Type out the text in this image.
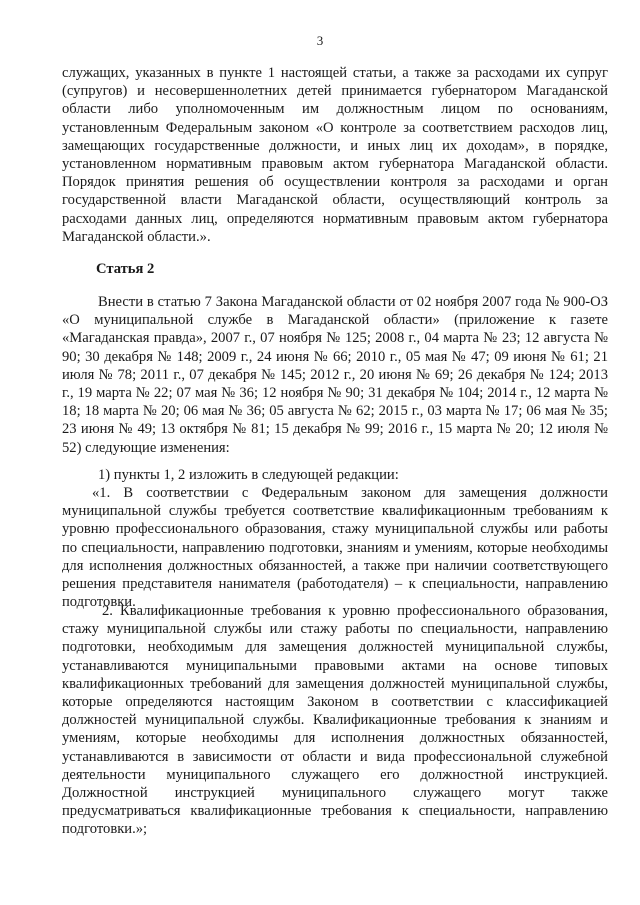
3

служащих, указанных в пункте 1 настоящей статьи, а также за расходами их супруг (супругов) и несовершеннолетних детей принимается губернатором Магаданской области либо уполномоченным им должностным лицом по основаниям, установленным Федеральным законом «О контроле за соответствием расходов лиц, замещающих государственные должности, и иных лиц их доходам», в порядке, установленном нормативным правовым актом губернатора Магаданской области. Порядок принятия решения об осуществлении контроля за расходами и орган государственной власти Магаданской области, осуществляющий контроль за расходами данных лиц, определяются нормативным правовым актом губернатора Магаданской области.».

Статья 2

Внести в статью 7 Закона Магаданской области от 02 ноября 2007 года № 900-ОЗ «О муниципальной службе в Магаданской области» (приложение к газете «Магаданская правда», 2007 г., 07 ноября № 125; 2008 г., 04 марта № 23; 12 августа № 90; 30 декабря № 148; 2009 г., 24 июня № 66; 2010 г., 05 мая № 47; 09 июня № 61; 21 июля № 78; 2011 г., 07 декабря № 145; 2012 г., 20 июня № 69; 26 декабря № 124; 2013 г., 19 марта № 22; 07 мая № 36; 12 ноября № 90; 31 декабря № 104; 2014 г., 12 марта № 18; 18 марта № 20; 06 мая № 36; 05 августа № 62; 2015 г., 03 марта № 17; 06 мая № 35; 23 июня № 49; 13 октября № 81; 15 декабря № 99; 2016 г., 15 марта № 20; 12 июля № 52) следующие изменения:

1) пункты 1, 2 изложить в следующей редакции:

«1. В соответствии с Федеральным законом для замещения должности муниципальной службы требуется соответствие квалификационным требованиям к уровню профессионального образования, стажу муниципальной службы или работы по специальности, направлению подготовки, знаниям и умениям, которые необходимы для исполнения должностных обязанностей, а также при наличии соответствующего решения представителя нанимателя (работодателя) – к специальности, направлению подготовки.

2. Квалификационные требования к уровню профессионального образования, стажу муниципальной службы или стажу работы по специальности, направлению подготовки, необходимым для замещения должностей муниципальной службы, устанавливаются муниципальными правовыми актами на основе типовых квалификационных требований для замещения должностей муниципальной службы, которые определяются настоящим Законом в соответствии с классификацией должностей муниципальной службы. Квалификационные требования к знаниям и умениям, которые необходимы для исполнения должностных обязанностей, устанавливаются в зависимости от области и вида профессиональной служебной деятельности муниципального служащего его должностной инструкцией. Должностной инструкцией муниципального служащего могут также предусматриваться квалификационные требования к специальности, направлению подготовки.»;
